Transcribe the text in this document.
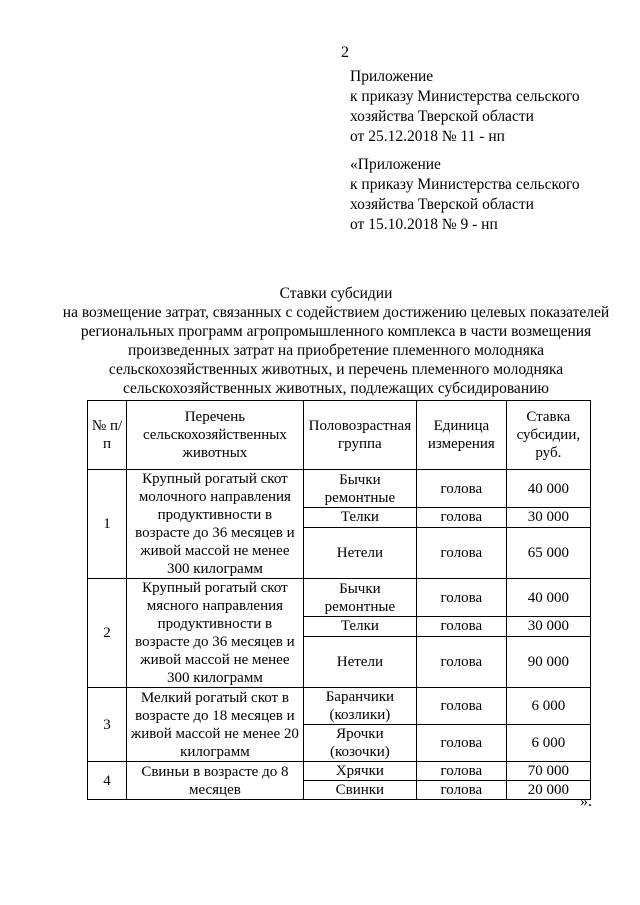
2
Приложение
к приказу Министерства сельского
хозяйства Тверской области
от 25.12.2018 № 11 - нп
«Приложение
к приказу Министерства сельского
хозяйства Тверской области
от 15.10.2018 № 9 - нп
Ставки субсидии
на возмещение затрат, связанных с содействием достижению целевых показателей региональных программ агропромышленного комплекса в части возмещения произведенных затрат на приобретение племенного молодняка сельскохозяйственных животных, и перечень племенного молодняка сельскохозяйственных животных, подлежащих субсидированию
№ п/п	Перечень сельскохозяйственных животных	Половозрастная группа	Единица измерения	Ставка субсидии, руб.
1	Крупный рогатый скот молочного направления продуктивности в возрасте до 36 месяцев и живой массой не менее 300 килограмм	Бычки ремонтные	голова	40 000
		Телки	голова	30 000
		Нетели	голова	65 000
2	Крупный рогатый скот мясного направления продуктивности в возрасте до 36 месяцев и живой массой не менее 300 килограмм	Бычки ремонтные	голова	40 000
		Телки	голова	30 000
		Нетели	голова	90 000
3	Мелкий рогатый скот в возрасте до 18 месяцев и живой массой не менее 20 килограмм	Баранчики (козлики)	голова	6 000
		Ярочки (козочки)	голова	6 000
4	Свиньи в возрасте до 8 месяцев	Хрячки	голова	70 000
		Свинки	голова	20 000
».
